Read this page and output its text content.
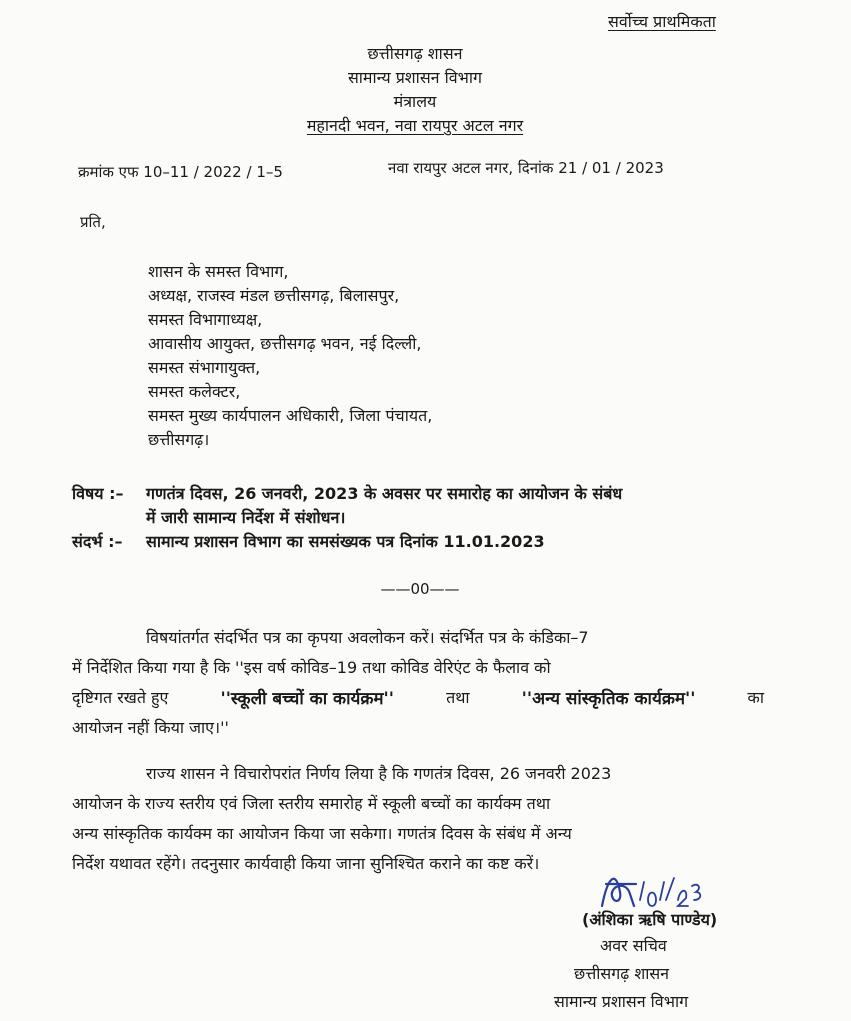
सर्वोच्च प्राथमिकता
छत्तीसगढ़ शासन
सामान्य प्रशासन विभाग
मंत्रालय
महानदी भवन, नवा रायपुर अटल नगर
क्रमांक एफ 10–11 / 2022 / 1–5	नवा रायपुर अटल नगर, दिनांक 21 / 01 / 2023
प्रति,
शासन के समस्त विभाग,
अध्यक्ष, राजस्व मंडल छत्तीसगढ़, बिलासपुर,
समस्त विभागाध्यक्ष,
आवासीय आयुक्त, छत्तीसगढ़ भवन, नई दिल्ली,
समस्त संभागायुक्त,
समस्त कलेक्टर,
समस्त मुख्य कार्यपालन अधिकारी, जिला पंचायत,
छत्तीसगढ़।
विषय :– गणतंत्र दिवस, 26 जनवरी, 2023 के अवसर पर समारोह का आयोजन के संबंध
में जारी सामान्य निर्देश में संशोधन।
संदर्भ :– सामान्य प्रशासन विभाग का समसंख्यक पत्र दिनांक 11.01.2023
——00——
विषयांतर्गत संदर्भित पत्र का कृपया अवलोकन करें। संदर्भित पत्र के कंडिका–7
में निर्देशित किया गया है कि ''इस वर्ष कोविड–19 तथा कोविड वेरिएंट के फैलाव को
दृष्टिगत रखते हुए	''स्कूली बच्चों का कार्यक्रम''	तथा	''अन्य सांस्कृतिक कार्यक्रम''	का
आयोजन नहीं किया जाए।''
राज्य शासन ने विचारोपरांत निर्णय लिया है कि गणतंत्र दिवस, 26 जनवरी 2023
आयोजन के राज्य स्तरीय एवं जिला स्तरीय समारोह में स्कूली बच्चों का कार्यक्म तथा
अन्य सांस्कृतिक कार्यक्म का आयोजन किया जा सकेगा। गणतंत्र दिवस के संबंध में अन्य
निर्देश यथावत रहेंगे। तदनुसार कार्यवाही किया जाना सुनिश्चित कराने का कष्ट करें।
(अंशिका ऋषि पाण्डेय)
अवर सचिव
छत्तीसगढ़ शासन
सामान्य प्रशासन विभाग
